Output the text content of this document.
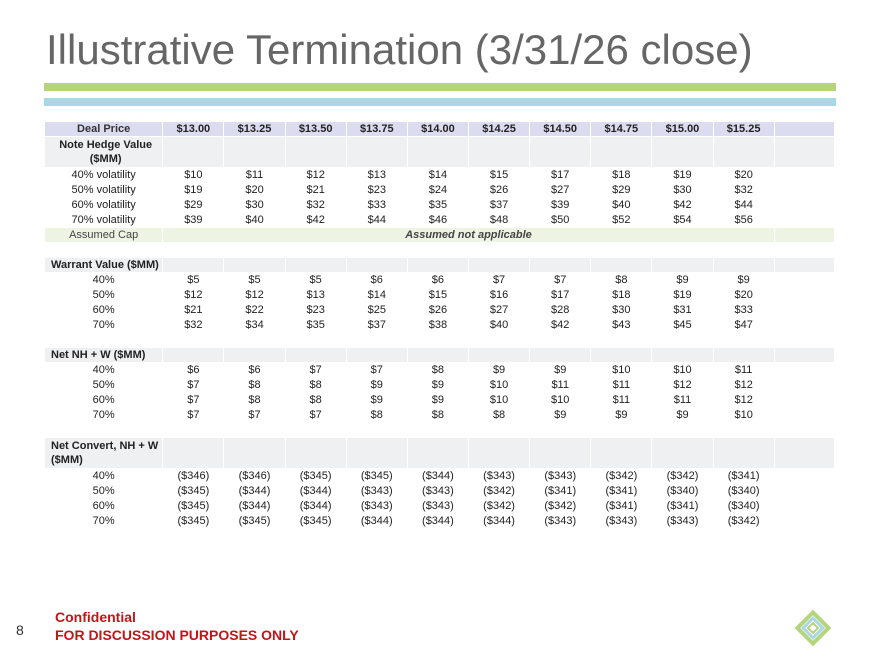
Illustrative Termination (3/31/26 close)
Deal Price	$13.00	$13.25	$13.50	$13.75	$14.00	$14.25	$14.50	$14.75	$15.00	$15.25	
Note Hedge Value ($MM)											
40% volatility	$10	$11	$12	$13	$14	$15	$17	$18	$19	$20	
50% volatility	$19	$20	$21	$23	$24	$26	$27	$29	$30	$32	
60% volatility	$29	$30	$32	$33	$35	$37	$39	$40	$42	$44	
70% volatility	$39	$40	$42	$44	$46	$48	$50	$52	$54	$56	
Assumed Cap	Assumed not applicable										

Warrant Value ($MM)											
40%	$5	$5	$5	$6	$6	$7	$7	$8	$9	$9	
50%	$12	$12	$13	$14	$15	$16	$17	$18	$19	$20	
60%	$21	$22	$23	$25	$26	$27	$28	$30	$31	$33	
70%	$32	$34	$35	$37	$38	$40	$42	$43	$45	$47	

Net NH + W ($MM)											
40%	$6	$6	$7	$7	$8	$9	$9	$10	$10	$11	
50%	$7	$8	$8	$9	$9	$10	$11	$11	$12	$12	
60%	$7	$8	$8	$9	$9	$10	$10	$11	$11	$12	
70%	$7	$7	$7	$8	$8	$8	$9	$9	$9	$10	

Net Convert, NH + W ($MM)											
40%	($346)	($346)	($345)	($345)	($344)	($343)	($343)	($342)	($342)	($341)	
50%	($345)	($344)	($344)	($343)	($343)	($342)	($341)	($341)	($340)	($340)	
60%	($345)	($344)	($344)	($343)	($343)	($342)	($342)	($341)	($341)	($340)	
70%	($345)	($345)	($345)	($344)	($344)	($344)	($343)	($343)	($343)	($342)	
8
Confidential
FOR DISCUSSION PURPOSES ONLY
